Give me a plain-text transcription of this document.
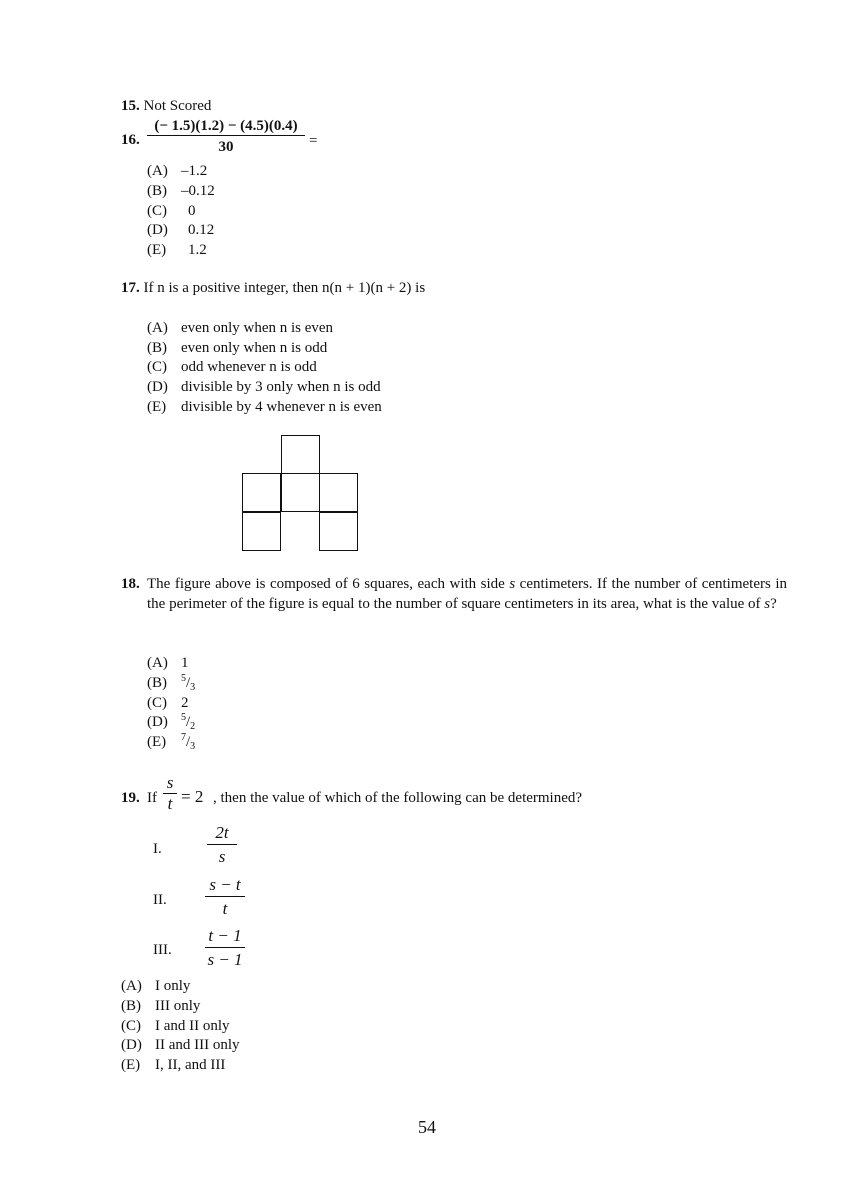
15. Not Scored
16.
(− 1.5)(1.2) − (4.5)(0.4)
30	=
(A) –1.2
(B) –0.12
(C) 0
(D) 0.12
(E) 1.2
17. If n is a positive integer, then n(n + 1)(n + 2) is
(A) even only when n is even
(B) even only when n is odd
(C) odd whenever n is odd
(D) divisible by 3 only when n is odd
(E) divisible by 4 whenever n is even
18. The figure above is composed of 6 squares, each with side s centimeters. If the number of centimeters in the perimeter of the figure is equal to the number of square centimeters in its area, what is the value of s?
(A) 1
(B) $^5/_3$
(C) 2
(D) $^5/_2$
(E) $^7/_3$
19. If
s
t = 2 , then the value of which of the following can be determined?
I.
2t
s
II.
s − t
t
III.
t − 1
s − 1
(A) I only
(B) III only
(C) I and II only
(D) II and III only
(E) I, II, and III
54
